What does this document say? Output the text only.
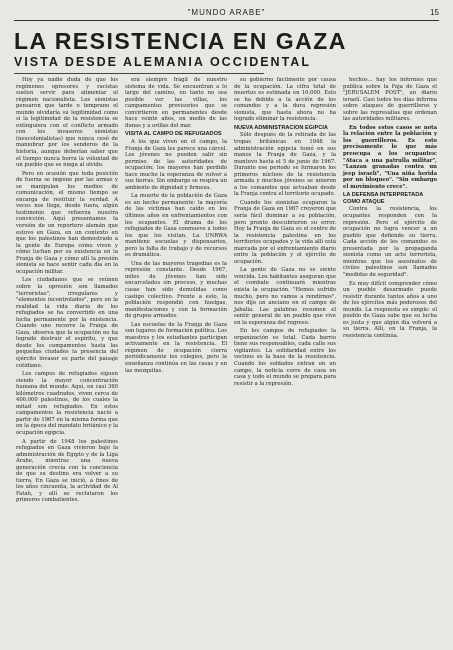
"MUNDO ARABE"	15
LA RESISTENCIA EN GAZA
VISTA DESDE ALEMANIA OCCIDENTAL

Hoy ya nadie duda de que los regímenes opresores y racistas suelen servir para alimentar el régimen nacionalista. Los sionistas pensaron que tarde o temprano el mundo olvidaría su legitimidad como si la legitimidad de la resistencia se extinguiera con el conflicto armado con los invasores sionistas (neocolonialistas) que nunca cesó de maniobrar por los senderos de la historia, aunque deberían saber que el tiempo nunca borra la voluntad de un pueblo que se niega al olvido.

Pero en ocasión que toda posición de fuerza se impone por las armas y se manipulan los medios de comunicación, el mismo tiempo se encarga de restituir la verdad. A veces nos llega, desde fuera, algún testimonio que refuerza nuestra convicción. Aquí presentamos la versión de un reportero alemán que estuvo en Gaza, en un contexto en que los palestinos han demostrado a la gente de Europa cómo viven y cómo luchan por su existencia en la Franja de Gaza y cómo allí la presión sionista se hace sentir cada día en la ocupación militar.

Los ciudadanos que se reúnen sobre la opresión son llamados "terroristas", irregulares y "elementos incontrolados", pero en la realidad la vida diaria de los refugiados se ha convertido en una lucha permanente por la existencia. Cuando uno recorre la Franja de Gaza, observa que la ocupación no ha logrado destruir el espíritu, y que desde los campamentos hasta las pequeñas ciudades la presencia del ejército invasor es parte del paisaje cotidiano.

Los campos de refugiados siguen siendo la mayor concentración humana del mundo. Aquí, en casi 360 kilómetros cuadrados, viven cerca de 400.000 palestinos, de los cuales la mitad son refugiados. En estos campamentos la resistencia nació a partir de 1967 en la misma forma que en la época del mandato británico y la ocupación egipcia.

A partir de 1948 los palestinos refugiados en Gaza vivieron bajo la administración de Egipto y de la Liga Árabe, mientras una nueva generación crecía con la conciencia de que su destino era volver a su tierra. En Gaza se inició, a fines de los años cincuenta, la actividad de Al Fatah, y allí se reclutaron los primeros combatientes.

era siempre frágil de nuestro sistema de vida. Se encuentran a lo largo del camino, en tanto no sea posible ver las villas, los campamentos provisorios que se convirtieron en permanentes desde hace veinte años, en medio de las dunas y a orillas del mar.

VISITA AL CAMPO DE REFUGIADOS

A los que viven en el campo, la Franja de Gaza les parece una cárcel. Los jóvenes no pueden salir sin permiso de las autoridades de ocupación; los mayores han perdido hace mucho la esperanza de volver a sus tierras. Sin embargo se respira un ambiente de dignidad y firmeza.

La muerte de la población de Gaza es un hecho permanente: la mayoría de las víctimas han caído en los últimos años en enfrentamientos con los ocupantes. El drama de los refugiados de Gaza conmueve a todos los que los visitan. La UNRWA mantiene escuelas y dispensarios, pero la falta de trabajo y de recursos es dramática.

Una de las mayores tragedias es la represión constante. Desde 1967, miles de jóvenes han sido encarcelados sin proceso, y muchas casas han sido demolidas como castigo colectivo. Frente a esto, la población respondió con huelgas, manifestaciones y con la formación de grupos armados.

Las escuelas de la Franja de Gaza son lugares de formación política. Los maestros y los estudiantes participan activamente en la resistencia. El régimen de ocupación cierra periódicamente los colegios, pero la enseñanza continúa en las casas y en las mezquitas.

su gobierno fácilmente por causa de la ocupación. La cifra total de muertos es estimada en 10.000. Esto se ha debido a la acción de los comandos y a la dura represión sionista, que hasta ahora no ha logrado eliminar la resistencia.

NUEVA ADMINISTRACION EGIPCIA

Sólo después de la retirada de las tropas británicas en 1948 la administración egipcia tomó en sus manos la Franja de Gaza, y la mantuvo hasta el 5 de junio de 1967. Durante ese periodo se formaron los primeros núcleos de la resistencia armada y muchos jóvenes se unieron a los comandos que actuaban desde la Franja contra el territorio ocupado.

Cuando los sionistas ocuparon la Franja de Gaza en 1967 creyeron que sería fácil dominar a su población, pero pronto descubrieron su error. Hoy la Franja de Gaza es el centro de la resistencia palestina en los territorios ocupados y la vida allí está marcada por el enfrentamiento diario entre la población y el ejército de ocupación.

La gente de Gaza no se siente vencida. Los habitantes aseguran que el combate continuará mientras exista la ocupación. "Hemos sufrido mucho, pero no vamos a rendirnos", nos dijo un anciano en el campo de Jabalia. Las palabras resumen el sentir general de un pueblo que vive en la esperanza del regreso.

En los campos de refugiados la organización es total. Cada barrio tiene sus responsables, cada calle sus vigilantes. La solidaridad entre los vecinos es la base de la resistencia. Cuando los soldados entran en un campo, la noticia corre de casa en casa y todo el mundo se prepara para resistir a la represión.

hechos... hay los informes que publica sobre la Faja de Gaza el "JERUSALEM POST", un diario israelí. Casi todos los días informa sobre ataques de guerrilleros y sobre las represalias que ordenan las autoridades militares.

En todos estos casos se nota la relación entre la población y los guerrilleros. Es esto precisamente lo que más preocupa a los ocupantes: "Ataca a una patrulla militar", "Lanzan granadas contra un jeep israelí", "Una niña herida por un bloqueo". "Sin embargo el movimiento crece".

LA DEFENSA INTERPRETADA COMO ATAQUE

Contra la resistencia, los ocupantes responden con la represión. Pero el ejército de ocupación no logra vencer a un pueblo que defiende su tierra. Cada acción de los comandos es presentada por la propaganda sionista como un acto terrorista, mientras que los asesinatos de civiles palestinos son llamados "medidas de seguridad".

Es muy difícil comprender cómo un pueblo desarmado puede resistir durante tantos años a uno de los ejércitos más poderosos del mundo. La respuesta es simple: el pueblo de Gaza sabe que su lucha es justa y que algún día volverá a su tierra. Allí, en la Franja, la resistencia continúa.
